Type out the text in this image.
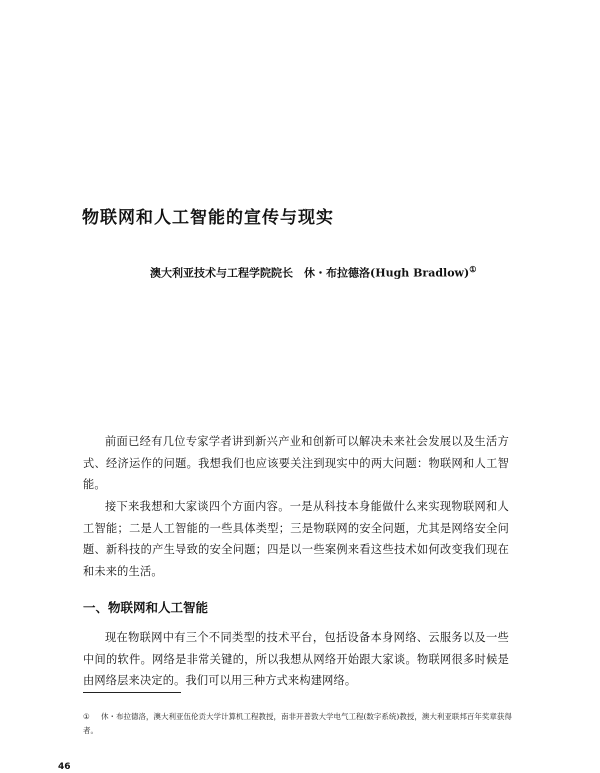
物联网和人工智能的宣传与现实
澳大利亚技术与工程学院院长　休・布拉德洛(Hugh Bradlow)①

前面已经有几位专家学者讲到新兴产业和创新可以解决未来社会发展以及生活方式、经济运作的问题。我想我们也应该要关注到现实中的两大问题：物联网和人工智能。

接下来我想和大家谈四个方面内容。一是从科技本身能做什么来实现物联网和人工智能；二是人工智能的一些具体类型；三是物联网的安全问题，尤其是网络安全问题、新科技的产生导致的安全问题；四是以一些案例来看这些技术如何改变我们现在和未来的生活。

一、物联网和人工智能

现在物联网中有三个不同类型的技术平台，包括设备本身网络、云服务以及一些中间的软件。网络是非常关键的，所以我想从网络开始跟大家谈。物联网很多时候是由网络层来决定的。我们可以用三种方式来构建网络。

① 休・布拉德洛，澳大利亚伍伦贡大学计算机工程教授，南非开普敦大学电气工程(数字系统)教授，澳大利亚联邦百年奖章获得者。
46
